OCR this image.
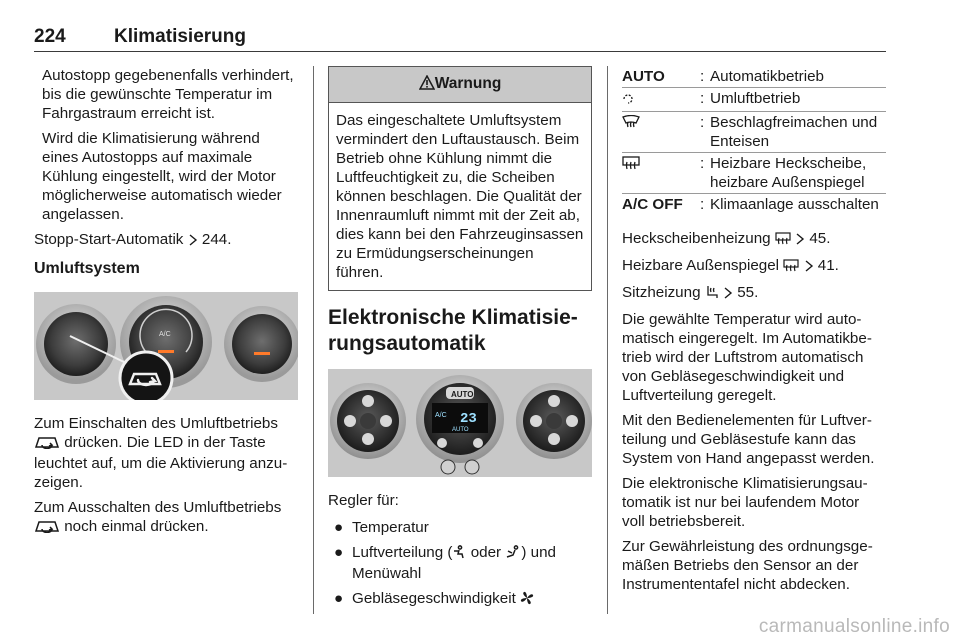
224	Klimatisierung
Autostopp gegebenenfalls verhindert, bis die gewünschte Temperatur im Fahrgastraum erreicht ist.
Wird die Klimatisierung während eines Autostopps auf maximale Kühlung eingestellt, wird der Motor möglicherweise automatisch wieder angelassen.
Stopp-Start-Automatik 244.
Umluftsystem
A/C
Zum Einschalten des Umluftbetriebs  drücken. Die LED in der Taste leuchtet auf, um die Aktivierung anzuzeigen.
Zum Ausschalten des Umluftbetriebs  noch einmal drücken.
Warnung
Das eingeschaltete Umluftsystem vermindert den Luftaustausch. Beim Betrieb ohne Kühlung nimmt die Luftfeuchtigkeit zu, die Scheiben können beschlagen. Die Qualität der Innenraumluft nimmt mit der Zeit ab, dies kann bei den Fahrzeuginsassen zu Ermüdungserscheinungen führen.
Elektronische Klimatisierungsautomatik
AUTO
A/C 23
AUTO
Regler für:
● Temperatur
● Luftverteilung ( oder ) und Menüwahl
● Gebläsegeschwindigkeit
AUTO	: Automatikbetrieb
: Umluftbetrieb
: Beschlagfreimachen und Enteisen
: Heizbare Heckscheibe, heizbare Außenspiegel
A/C OFF	: Klimaanlage ausschalten
Heckscheibenheizung	45.
Heizbare Außenspiegel	41.
Sitzheizung 55.
Die gewählte Temperatur wird automatisch eingeregelt. Im Automatikbetrieb wird der Luftstrom automatisch von Gebläsegeschwindigkeit und Luftverteilung geregelt.
Mit den Bedienelementen für Luftverteilung und Gebläsestufe kann das System von Hand angepasst werden.
Die elektronische Klimatisierungsautomatik ist nur bei laufendem Motor voll betriebsbereit.
Zur Gewährleistung des ordnungsgemäßen Betriebs den Sensor an der Instrumententafel nicht abdecken.
carmanualsonline.info
